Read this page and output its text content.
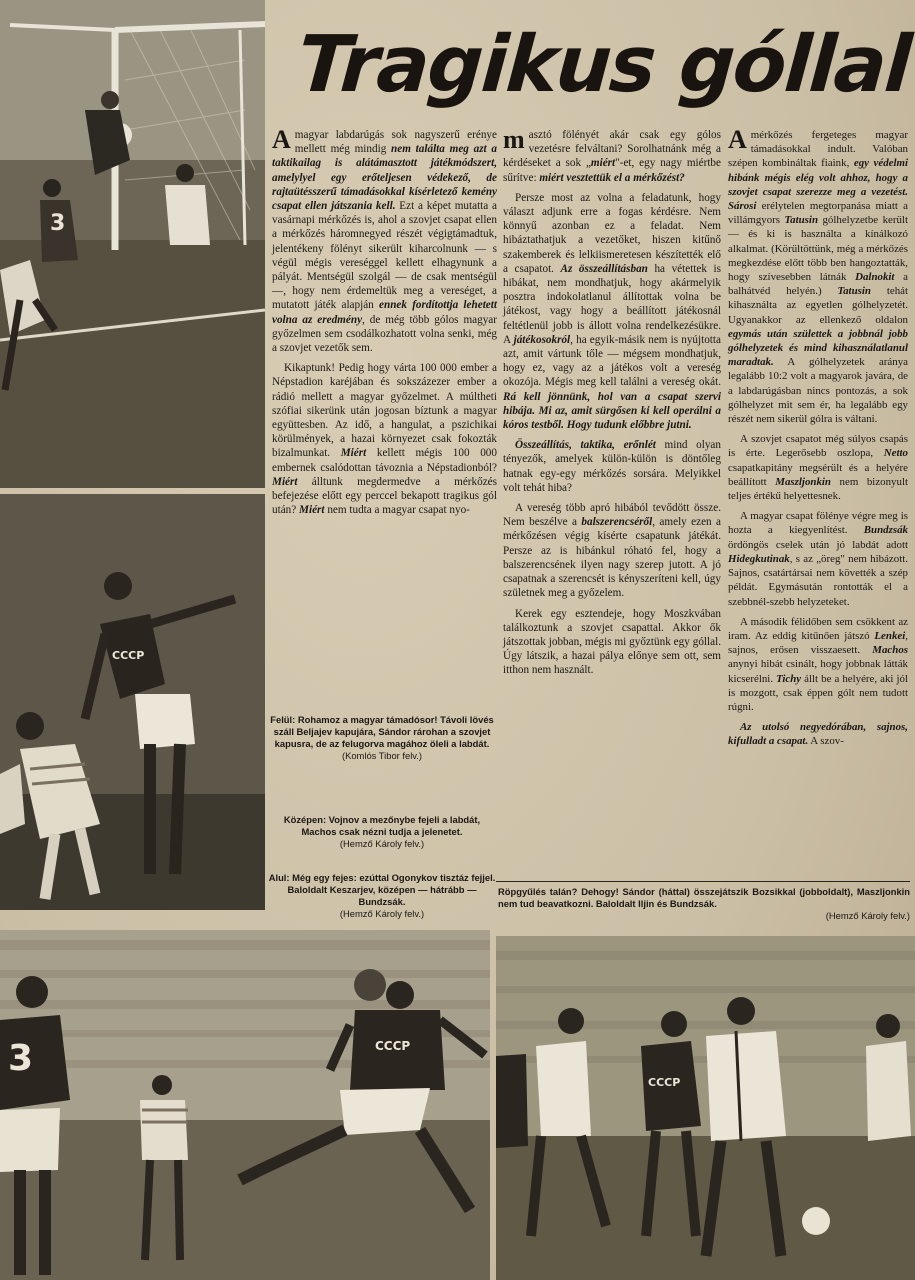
3
СССР
3	СССР
СССР
Tragikus góllal

Amagyar labdarúgás sok nagyszerű erénye mellett még mindig nem találta meg azt a taktikailag is alátámasztott játékmódszert, amelylyel egy erőteljesen védekező, de rajtaütésszerű támadásokkal kísérletező kemény csapat ellen játszania kell. Ezt a képet mutatta a vasárnapi mérkőzés is, ahol a szovjet csapat ellen a mérkőzés háromnegyed részét végigtámadtuk, jelentékeny fölényt sikerült kiharcolnunk — s végül mégis vereséggel kellett elhagynunk a pályát. Mentségül szolgál — de csak mentségül —, hogy nem érdemeltük meg a vereséget, a mutatott játék alapján ennek fordítottja lehetett volna az eredmény, de még több gólos magyar győzelmen sem csodálkozhatott volna senki, még a szovjet vezetők sem.

Kikaptunk! Pedig hogy várta 100 000 ember a Népstadion karéjában és sokszázezer ember a rádió mellett a magyar győzelmet. A múltheti szófiai sikerünk után jogosan bíztunk a magyar együttesben. Az idő, a hangulat, a pszichikai körülmények, a hazai környezet csak fokozták bizalmunkat. Miért kellett mégis 100 000 embernek csalódottan távoznia a Népstadionból? Miért álltunk megdermedve a mérkőzés befejezése előtt egy perccel bekapott tragikus gól után? Miért nem tudta a magyar csapat nyo-

masztó fölényét akár csak egy gólos vezetésre felváltani? Sorolhatnánk még a kérdéseket a sok „miért"-et, egy nagy miértbe sűrítve: miért vesztettük el a mérkőzést?

Persze most az volna a feladatunk, hogy választ adjunk erre a fogas kérdésre. Nem könnyű azonban ez a feladat. Nem hibáztathatjuk a vezetőket, hiszen kitűnő szakemberek és lelkiismeretesen készítették elő a csapatot. Az összeállításban ha vétettek is hibákat, nem mondhatjuk, hogy akármelyik posztra indokolatlanul állítottak volna be játékost, vagy hogy a beállított játékosnál feltétlenül jobb is állott volna rendelkezésükre. A játékosokról, ha egyik-másik nem is nyújtotta azt, amit vártunk tőle — mégsem mondhatjuk, hogy ez, vagy az a játékos volt a vereség okozója. Mégis meg kell találni a vereség okát. Rá kell jönnünk, hol van a csapat szervi hibája. Mi az, amit sürgősen ki kell operálni a kóros testből. Hogy tudunk előbbre jutni.

Összeállítás, taktika, erőnlét mind olyan tényezők, amelyek külön-külön is döntőleg hatnak egy-egy mérkőzés sorsára. Melyikkel volt tehát hiba?

A vereség több apró hibából tevődött össze. Nem beszélve a balszerencséről, amely ezen a mérkőzésen végig kísérte csapatunk játékát. Persze az is hibánkul róható fel, hogy a balszerencsének ilyen nagy szerep jutott. A jó csapatnak a szerencsét is kényszeríteni kell, úgy születnek meg a győzelem.

Kerek egy esztendeje, hogy Moszkvában találkoztunk a szovjet csapattal. Akkor ők játszottak jobban, mégis mi győztünk egy góllal. Úgy látszik, a hazai pálya előnye sem ott, sem itthon nem használt.

Amérkőzés fergeteges magyar támadásokkal indult. Valóban szépen kombináltak fiaink, egy védelmi hibánk mégis elég volt ahhoz, hogy a szovjet csapat szerezze meg a vezetést. Sárosi erélytelen megtorpanása miatt a villámgyors Tatusin gólhelyzetbe került — és ki is használta a kínálkozó alkalmat. (Körültöttünk, még a mérkőzés megkezdése előtt több ben hangoztatták, hogy szívesebben látnák Dalnokit a balhátvéd helyén.) Tatusin tehát kihasználta az egyetlen gólhelyzetét. Ugyanakkor az ellenkező oldalon egymás után születtek a jobbnál jobb gólhelyzetek és mind kihasználatlanul maradtak. A gólhelyzetek aránya legalább 10:2 volt a magyarok javára, de a labdarúgásban nincs pontozás, a sok gólhelyzet mit sem ér, ha legalább egy részét nem sikerül gólra is váltani.

A szovjet csapatot még súlyos csapás is érte. Legerősebb oszlopa, Netto csapatkapitány megsérült és a helyére beállított Maszljonkin nem bizonyult teljes értékű helyettesnek.

A magyar csapat fölénye végre meg is hozta a kiegyenlítést. Bundzsák ördöngös cselek után jó labdát adott Hidegkutinak, s az „öreg" nem hibázott. Sajnos, csatártársai nem követték a szép példát. Egymásután rontották el a szebbnél-szebb helyzeteket.

A második félidőben sem csökkent az iram. Az eddig kitűnően játszó Lenkei, sajnos, erősen visszaesett. Machos anynyi hibát csinált, hogy jobbnak látták kicserélni. Tichy állt be a helyére, aki jól is mozgott, csak éppen gólt nem tudott rúgni.

Az utolsó negyedórában, sajnos, kifulladt a csapat. A szov-

Felül: Rohamoz a magyar támadósor! Távoli lövés száll Beljajev kapujára, Sándor rárohan a szovjet kapusra, de az felugorva magához öleli a labdát.
(Komlós Tibor felv.)
Középen: Vojnov a mezőnybe fejeli a labdát, Machos csak nézni tudja a jelenetet.
(Hemző Károly felv.)
Alul: Még egy fejes: ezúttal Ogonykov tisztáz fejjel. Baloldalt Keszarjev, középen — hátrább — Bundzsák.
(Hemző Károly felv.)
Röpgyűlés talán? Dehogy! Sándor (háttal) összejátszik Bozsikkal (jobboldalt), Maszljonkin nem tud beavatkozni. Baloldalt Iljin és Bundzsák.
(Hemző Károly felv.)
